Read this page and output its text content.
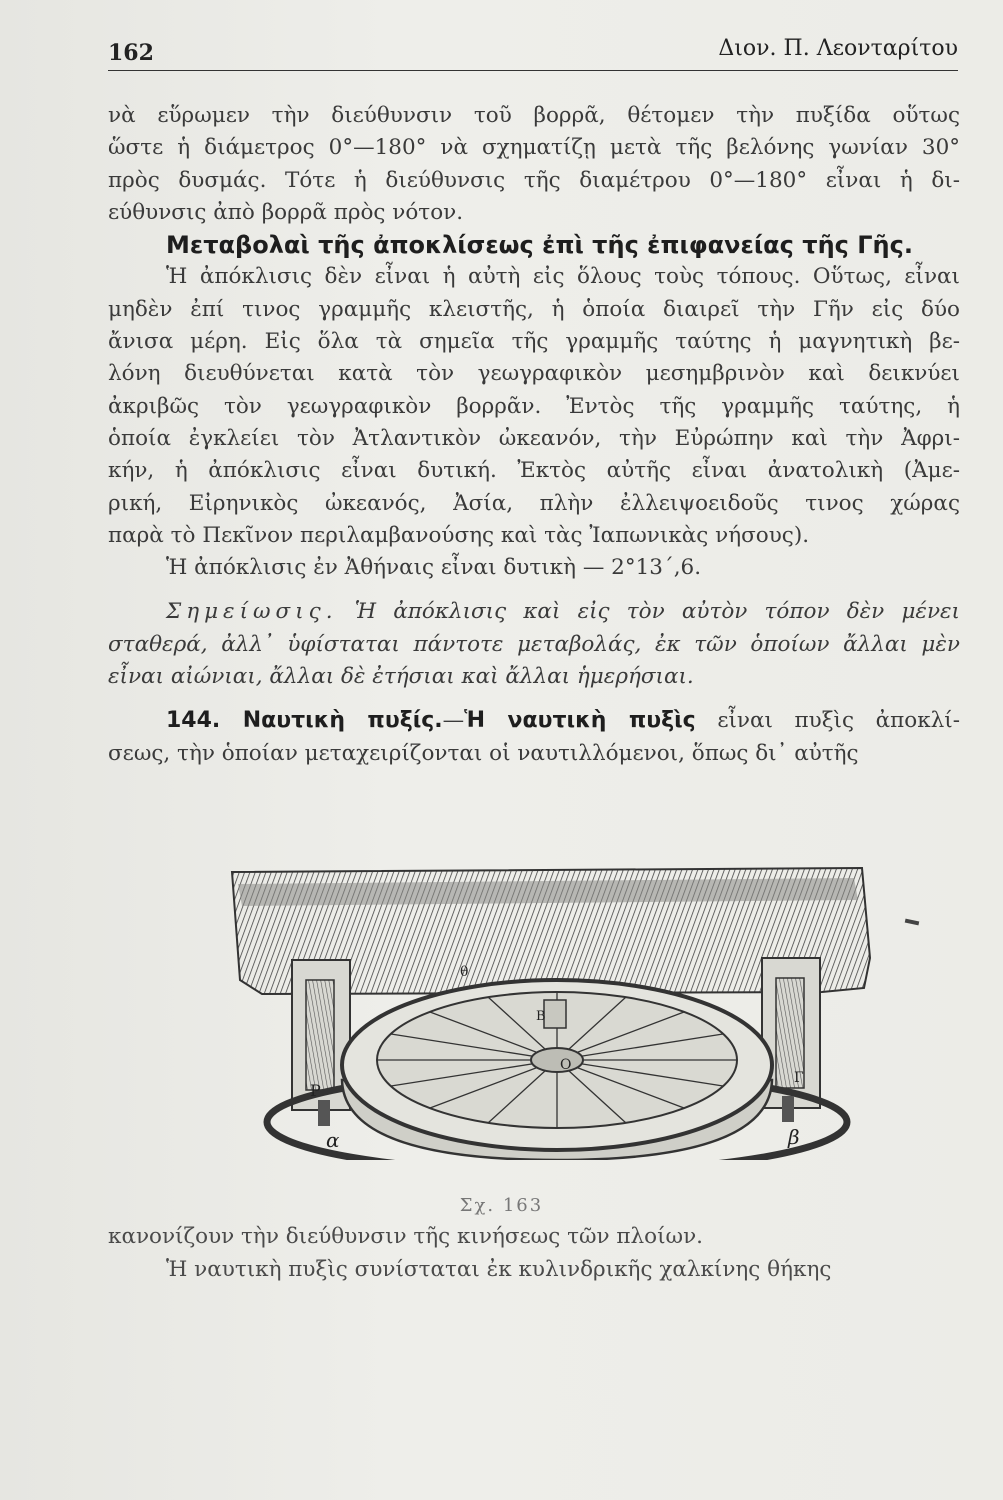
162	Διον. Π. Λεονταρίτου

νὰ εὕρωμεν τὴν διεύθυνσιν τοῦ βορρᾶ, θέτομεν τὴν πυξίδα οὕτως

ὥστε ἡ διάμετρος 0°—180° νὰ σχηματίζῃ μετὰ τῆς βελόνης γωνίαν 30°

πρὸς δυσμάς. Τότε ἡ διεύθυνσις τῆς διαμέτρου 0°—180° εἶναι ἡ δι-

εύθυνσις ἀπὸ βορρᾶ πρὸς νότον.

Μεταβολαὶ τῆς ἀποκλίσεως ἐπὶ τῆς ἐπιφανείας τῆς Γῆς.

Ἡ ἀπόκλισις δὲν εἶναι ἡ αὐτὴ εἰς ὅλους τοὺς τόπους. Οὕτως, εἶναι

μηδὲν ἐπί τινος γραμμῆς κλειστῆς, ἡ ὁποία διαιρεῖ τὴν Γῆν εἰς δύο

ἄνισα μέρη. Εἰς ὅλα τὰ σημεῖα τῆς γραμμῆς ταύτης ἡ μαγνητικὴ βε-

λόνη διευθύνεται κατὰ τὸν γεωγραφικὸν μεσημβρινὸν καὶ δεικνύει

ἀκριβῶς τὸν γεωγραφικὸν βορρᾶν. Ἐντὸς τῆς γραμμῆς ταύτης, ἡ

ὁποία ἐγκλείει τὸν Ἀτλαντικὸν ὠκεανόν, τὴν Εὐρώπην καὶ τὴν Ἀφρι-

κήν, ἡ ἀπόκλισις εἶναι δυτική. Ἐκτὸς αὐτῆς εἶναι ἀνατολικὴ (Ἀμε-

ρική, Εἰρηνικὸς ὠκεανός, Ἀσία, πλὴν ἐλλειψοειδοῦς τινος χώρας

παρὰ τὸ Πεκῖνον περιλαμβανούσης καὶ τὰς Ἰαπωνικὰς νήσους).

Ἡ ἀπόκλισις ἐν Ἀθήναις εἶναι δυτικὴ — 2°13΄,6.

Σημείωσις. Ἡ ἀπόκλισις καὶ εἰς τὸν αὐτὸν τόπον δὲν μένει

σταθερά, ἀλλ᾽ ὑφίσταται πάντοτε μεταβολάς, ἐκ τῶν ὁποίων ἄλλαι μὲν

εἶναι αἰώνιαι, ἄλλαι δὲ ἐτήσιαι καὶ ἄλλαι ἡμερήσιαι.

144. Ναυτικὴ πυξίς.—Ἡ ναυτικὴ πυξὶς εἶναι πυξὶς ἀποκλί-

σεως, τὴν ὁποίαν μεταχειρίζονται οἱ ναυτιλλόμενοι, ὅπως δι᾽ αὐτῆς

θ
P
Γ
α	β
O
B
Σχ. 163

κανονίζουν τὴν διεύθυνσιν τῆς κινήσεως τῶν πλοίων.

Ἡ ναυτικὴ πυξὶς συνίσταται ἐκ κυλινδρικῆς χαλκίνης θήκης
